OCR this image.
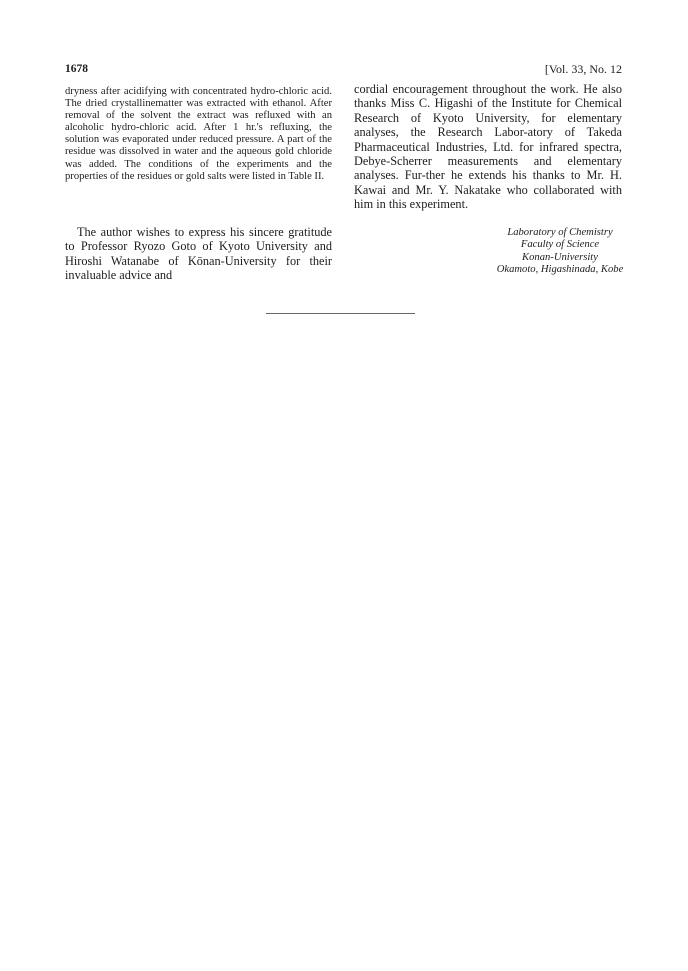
1678	[Vol. 33, No. 12

dryness after acidifying with concentrated hydro-chloric acid. The dried crystallinematter was extracted with ethanol. After removal of the solvent the extract was refluxed with an alcoholic hydro-chloric acid. After 1 hr.'s refluxing, the solution was evaporated under reduced pressure. A part of the residue was dissolved in water and the aqueous gold chloride was added. The conditions of the experiments and the properties of the residues or gold salts were listed in Table II.

The author wishes to express his sincere gratitude to Professor Ryozo Goto of Kyoto University and Hiroshi Watanabe of Kōnan-University for their invaluable advice and

cordial encouragement throughout the work. He also thanks Miss C. Higashi of the Institute for Chemical Research of Kyoto University, for elementary analyses, the Research Labor-atory of Takeda Pharmaceutical Industries, Ltd. for infrared spectra, Debye-Scherrer measurements and elementary analyses. Fur-ther he extends his thanks to Mr. H. Kawai and Mr. Y. Nakatake who collaborated with him in this experiment.

Laboratory of Chemistry
Faculty of Science
Konan-University
Okamoto, Higashinada, Kobe
